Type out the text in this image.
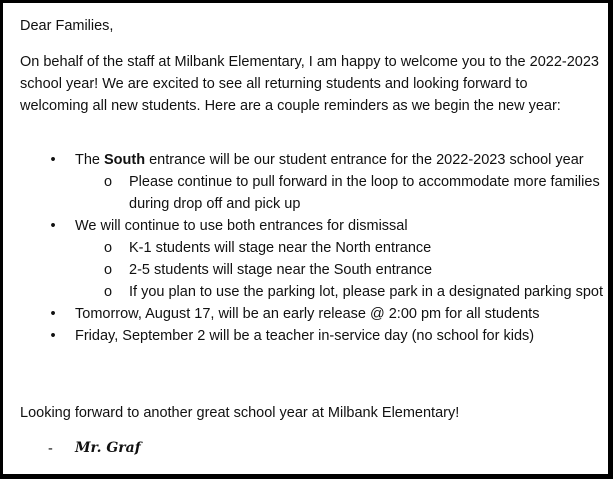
Dear Families,
On behalf of the staff at Milbank Elementary, I am happy to welcome you to the 2022-2023 school year! We are excited to see all returning students and looking forward to welcoming all new students. Here are a couple reminders as we begin the new year:
• The South entrance will be our student entrance for the 2022-2023 school year
o Please continue to pull forward in the loop to accommodate more families during drop off and pick up
• We will continue to use both entrances for dismissal
o K-1 students will stage near the North entrance
o 2-5 students will stage near the South entrance
o If you plan to use the parking lot, please park in a designated parking spot
• Tomorrow, August 17, will be an early release @ 2:00 pm for all students
• Friday, September 2 will be a teacher in-service day (no school for kids)
Looking forward to another great school year at Milbank Elementary!
- Mr. Graf
